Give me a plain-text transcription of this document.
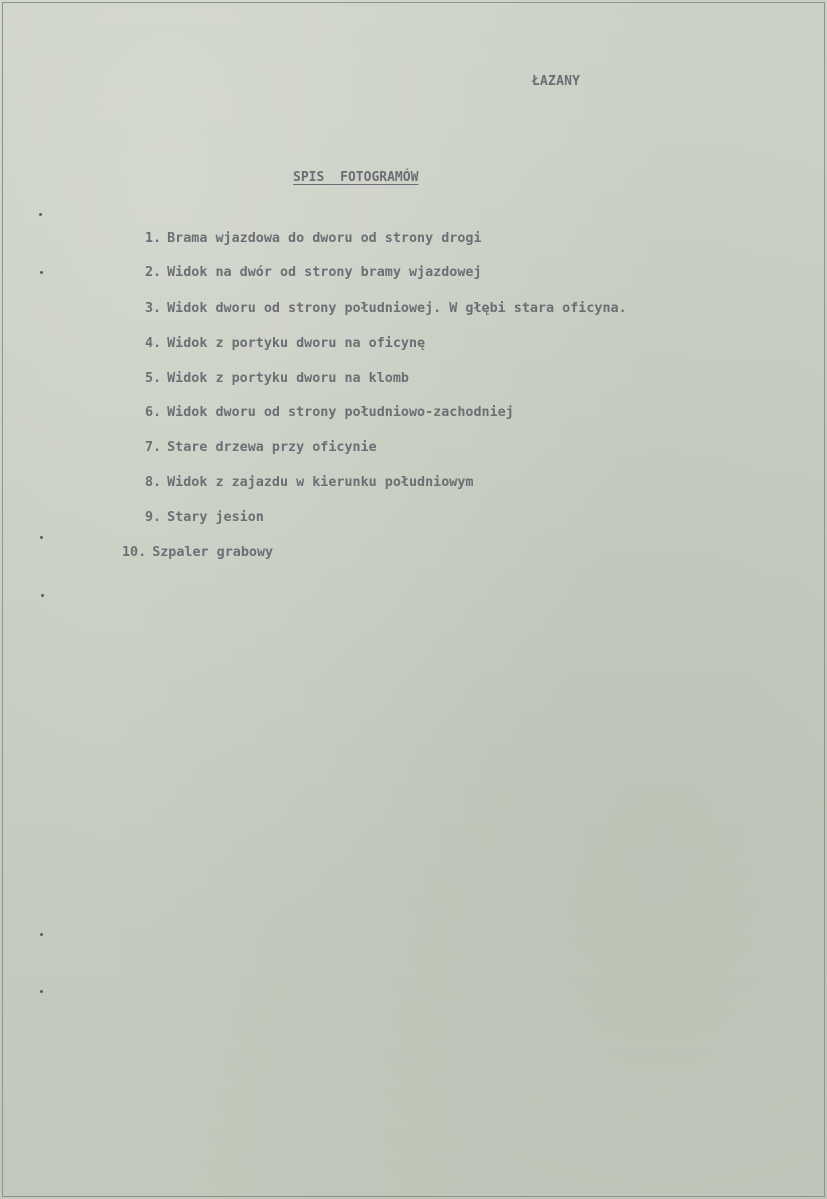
ŁAZANY
SPIS FOTOGRAMÓW
1. Brama wjazdowa do dworu od strony drogi
2. Widok na dwór od strony bramy wjazdowej
3. Widok dworu od strony południowej. W głębi stara oficyna.
4. Widok z portyku dworu na oficynę
5. Widok z portyku dworu na klomb
6. Widok dworu od strony południowo-zachodniej
7. Stare drzewa przy oficynie
8. Widok z zajazdu w kierunku południowym
9. Stary jesion
10. Szpaler grabowy
